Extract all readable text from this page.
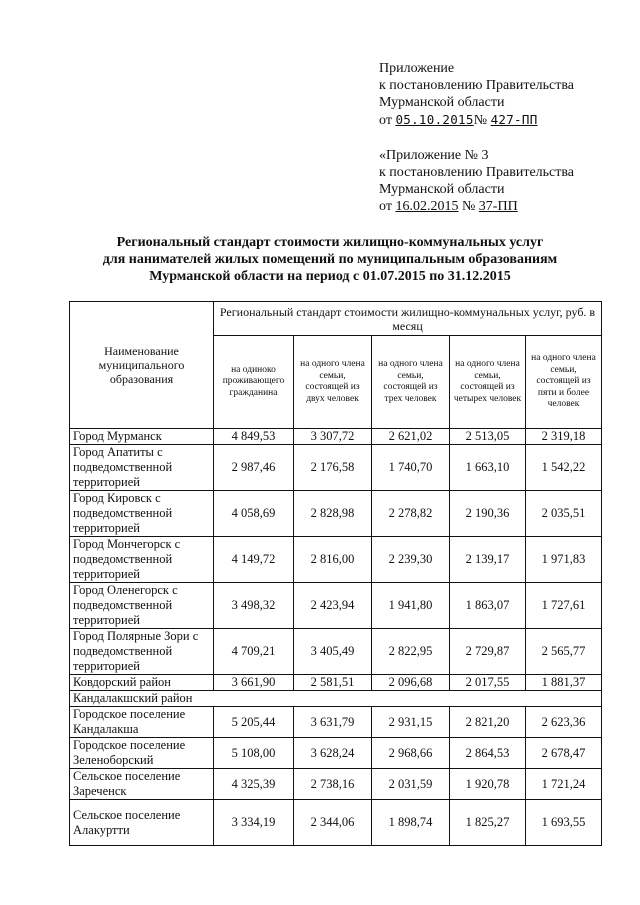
Приложение
к постановлению Правительства
Мурманской области
от 05.10.2015№ 427-ПП
«Приложение № 3
к постановлению Правительства
Мурманской области
от 16.02.2015 № 37-ПП
Региональный стандарт стоимости жилищно-коммунальных услуг
для нанимателей жилых помещений по муниципальным образованиям
Мурманской области на период с 01.07.2015 по 31.12.2015
Наименование муниципального образования	Региональный стандарт стоимости жилищно-коммунальных услуг, руб. в месяц				
	на одиноко проживающего гражданина	на одного члена семьи, состоящей из двух человек	на одного члена семьи, состоящей из трех человек	на одного члена семьи, состоящей из четырех человек	на одного члена семьи, состоящей из пяти и более человек
Город Мурманск	4 849,53	3 307,72	2 621,02	2 513,05	2 319,18
Город Апатиты с подведомственной территорией	2 987,46	2 176,58	1 740,70	1 663,10	1 542,22
Город Кировск с подведомственной территорией	4 058,69	2 828,98	2 278,82	2 190,36	2 035,51
Город Мончегорск с подведомственной территорией	4 149,72	2 816,00	2 239,30	2 139,17	1 971,83
Город Оленегорск с подведомственной территорией	3 498,32	2 423,94	1 941,80	1 863,07	1 727,61
Город Полярные Зори с подведомственной территорией	4 709,21	3 405,49	2 822,95	2 729,87	2 565,77
Ковдорский район	3 661,90	2 581,51	2 096,68	2 017,55	1 881,37
Кандалакшский район					
Городское поселение Кандалакша	5 205,44	3 631,79	2 931,15	2 821,20	2 623,36
Городское поселение Зеленоборский	5 108,00	3 628,24	2 968,66	2 864,53	2 678,47
Сельское поселение Зареченск	4 325,39	2 738,16	2 031,59	1 920,78	1 721,24
Сельское поселение Алакуртти	3 334,19	2 344,06	1 898,74	1 825,27	1 693,55
